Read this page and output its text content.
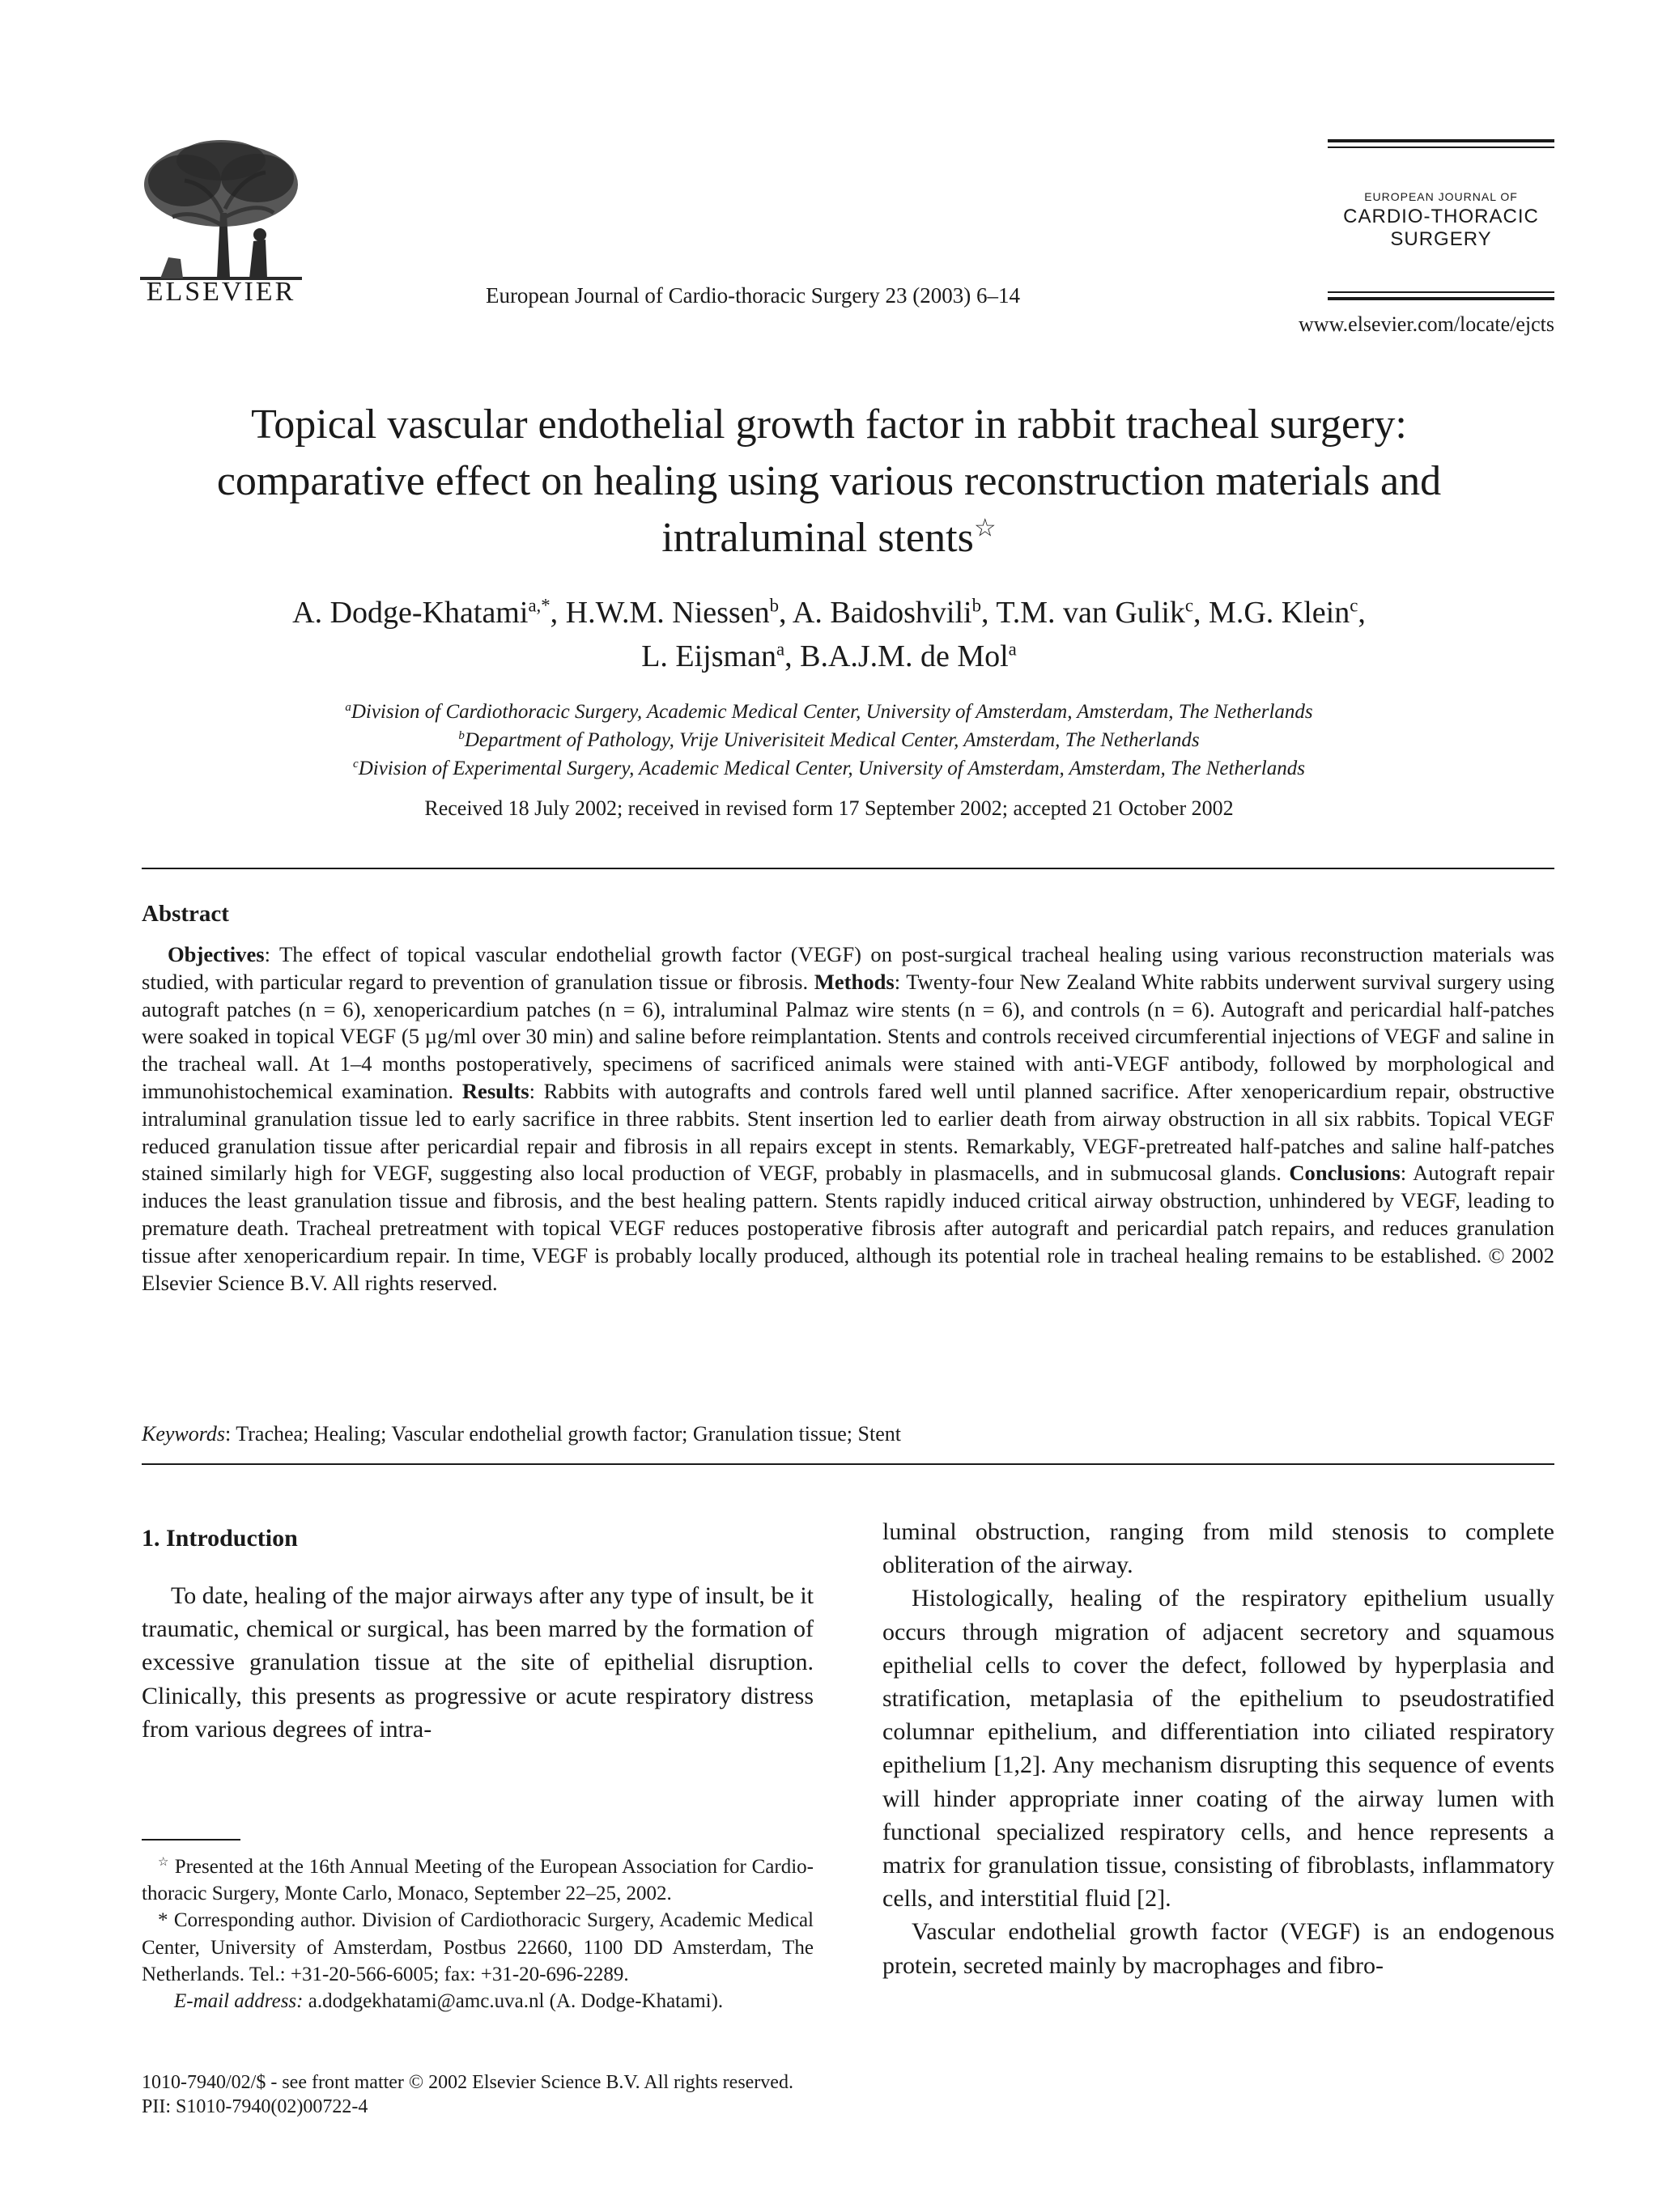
ELSEVIER	European Journal of Cardio-thoracic Surgery 23 (2003) 6–14
EUROPEAN JOURNAL OF
CARDIO-THORACIC
SURGERY
www.elsevier.com/locate/ejcts
Topical vascular endothelial growth factor in rabbit tracheal surgery:
comparative effect on healing using various reconstruction materials and
intraluminal stents☆
A. Dodge-Khatami$^{a,*}$, H.W.M. Niessen$^b$, A. Baidoshvili$^b$, T.M. van Gulik$^c$, M.G. Klein$^c$,
L. Eijsman$^a$, B.A.J.M. de Mol$^a$
$^a$Division of Cardiothoracic Surgery, Academic Medical Center, University of Amsterdam, Amsterdam, The Netherlands
$^b$Department of Pathology, Vrije Univerisiteit Medical Center, Amsterdam, The Netherlands
$^c$Division of Experimental Surgery, Academic Medical Center, University of Amsterdam, Amsterdam, The Netherlands
Received 18 July 2002; received in revised form 17 September 2002; accepted 21 October 2002
Abstract

Objectives: The effect of topical vascular endothelial growth factor (VEGF) on post-surgical tracheal healing using various reconstruction materials was studied, with particular regard to prevention of granulation tissue or fibrosis. Methods: Twenty-four New Zealand White rabbits underwent survival surgery using autograft patches (n = 6), xenopericardium patches (n = 6), intraluminal Palmaz wire stents (n = 6), and controls (n = 6). Autograft and pericardial half-patches were soaked in topical VEGF (5 µg/ml over 30 min) and saline before reimplantation. Stents and controls received circumferential injections of VEGF and saline in the tracheal wall. At 1–4 months postoperatively, specimens of sacrificed animals were stained with anti-VEGF antibody, followed by morphological and immunohistochemical examination. Results: Rabbits with autografts and controls fared well until planned sacrifice. After xenopericardium repair, obstructive intraluminal granulation tissue led to early sacrifice in three rabbits. Stent insertion led to earlier death from airway obstruction in all six rabbits. Topical VEGF reduced granulation tissue after pericardial repair and fibrosis in all repairs except in stents. Remarkably, VEGF-pretreated half-patches and saline half-patches stained similarly high for VEGF, suggesting also local production of VEGF, probably in plasmacells, and in submucosal glands. Conclusions: Autograft repair induces the least granulation tissue and fibrosis, and the best healing pattern. Stents rapidly induced critical airway obstruction, unhindered by VEGF, leading to premature death. Tracheal pretreatment with topical VEGF reduces postoperative fibrosis after autograft and pericardial patch repairs, and reduces granulation tissue after xenopericardium repair. In time, VEGF is probably locally produced, although its potential role in tracheal healing remains to be established. © 2002 Elsevier Science B.V. All rights reserved.

Keywords: Trachea; Healing; Vascular endothelial growth factor; Granulation tissue; Stent
1. Introduction

To date, healing of the major airways after any type of insult, be it traumatic, chemical or surgical, has been marred by the formation of excessive granulation tissue at the site of epithelial disruption. Clinically, this presents as progressive or acute respiratory distress from various degrees of intra-

luminal obstruction, ranging from mild stenosis to complete obliteration of the airway.

Histologically, healing of the respiratory epithelium usually occurs through migration of adjacent secretory and squamous epithelial cells to cover the defect, followed by hyperplasia and stratification, metaplasia of the epithelium to pseudostratified columnar epithelium, and differentiation into ciliated respiratory epithelium [1,2]. Any mechanism disrupting this sequence of events will hinder appropriate inner coating of the airway lumen with functional specialized respiratory cells, and hence represents a matrix for granulation tissue, consisting of fibroblasts, inflammatory cells, and interstitial fluid [2].

Vascular endothelial growth factor (VEGF) is an endogenous protein, secreted mainly by macrophages and fibro-

☆ Presented at the 16th Annual Meeting of the European Association for Cardio-thoracic Surgery, Monte Carlo, Monaco, September 22–25, 2002.

* Corresponding author. Division of Cardiothoracic Surgery, Academic Medical Center, University of Amsterdam, Postbus 22660, 1100 DD Amsterdam, The Netherlands. Tel.: +31-20-566-6005; fax: +31-20-696-2289.

E-mail address: a.dodgekhatami@amc.uva.nl (A. Dodge-Khatami).

1010-7940/02/$ - see front matter © 2002 Elsevier Science B.V. All rights reserved.
PII: S1010-7940(02)00722-4
